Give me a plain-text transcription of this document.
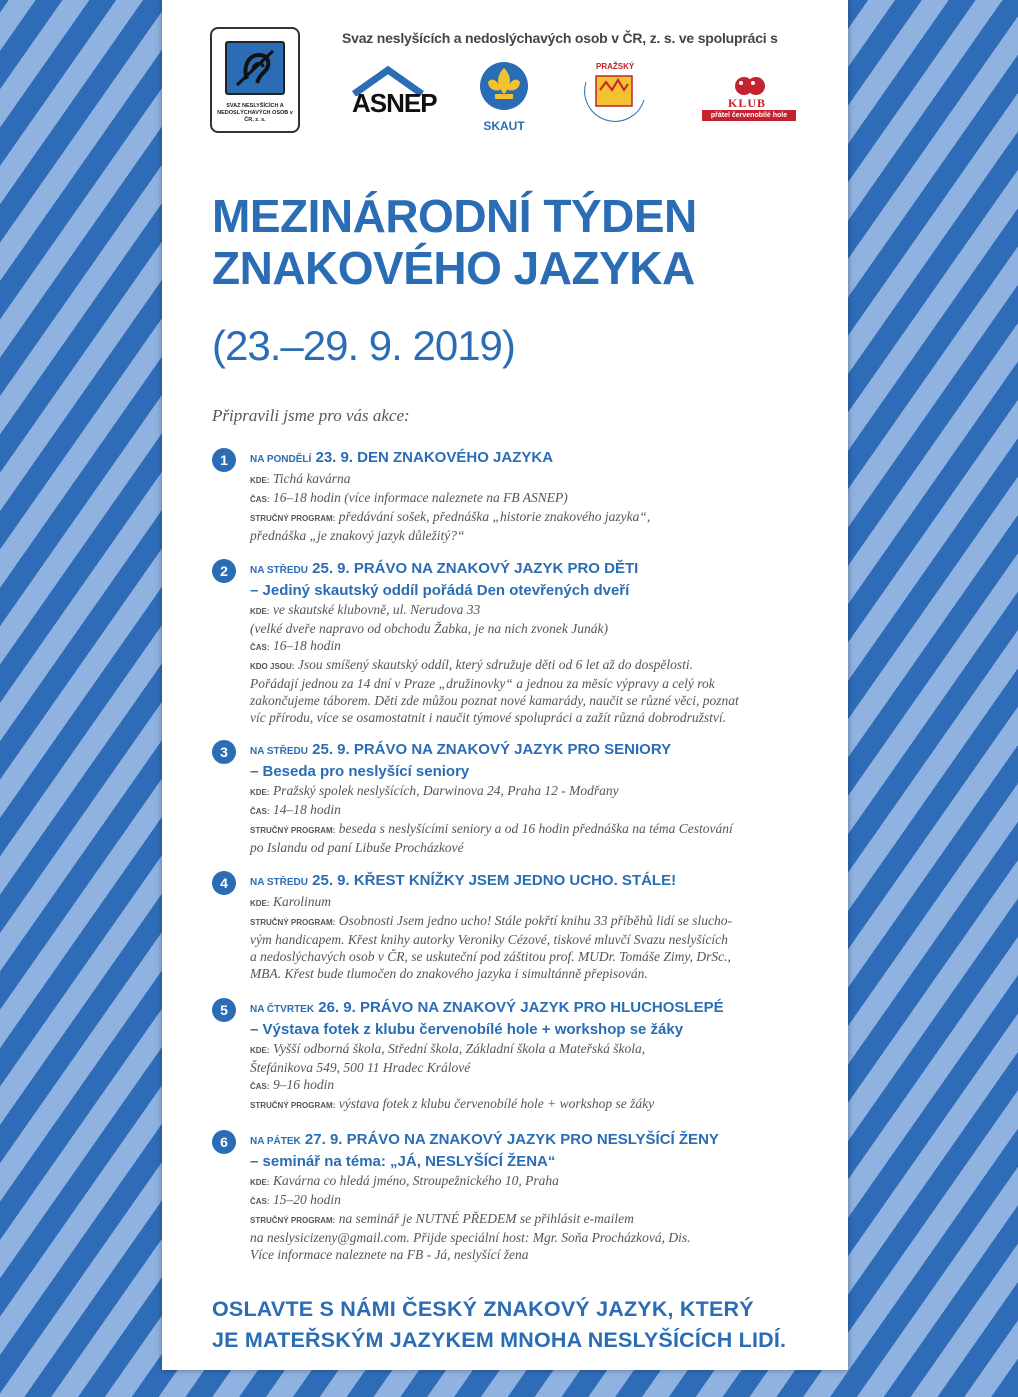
SVAZ NESLYŠÍCÍCH A NEDOSLÝCHAVÝCH OSOB v ČR, z. s.
Svaz neslyšících a nedoslýchavých osob v ČR, z. s. ve spolupráci s
ASNEP
SKAUT
PRAŽSKÝ
KLUB
přátel červenobílé hole
MEZINÁRODNÍ TÝDEN
ZNAKOVÉHO JAZYKA
(23.–29. 9. 2019)
Připravili jsme pro vás akce:
1	NA PONDĚLÍ 23. 9. DEN ZNAKOVÉHO JAZYKA
KDE: Tichá kavárna
ČAS: 16–18 hodin (více informace naleznete na FB ASNEP)
STRUČNÝ PROGRAM: předávání sošek, přednáška „historie znakového jazyka“,
přednáška „je znakový jazyk důležitý?“
2	NA STŘEDU 25. 9. PRÁVO NA ZNAKOVÝ JAZYK PRO DĚTI
– Jediný skautský oddíl pořádá Den otevřených dveří
KDE: ve skautské klubovně, ul. Nerudova 33
(velké dveře napravo od obchodu Žabka, je na nich zvonek Junák)
ČAS: 16–18 hodin
KDO JSOU: Jsou smíšený skautský oddíl, který sdružuje děti od 6 let až do dospělosti.
Pořádají jednou za 14 dní v Praze „družinovky“ a jednou za měsíc výpravy a celý rok
zakončujeme táborem. Děti zde můžou poznat nové kamarády, naučit se různé věci, poznat
víc přírodu, více se osamostatnit i naučit týmové spolupráci a zažít různá dobrodružství.
3	NA STŘEDU 25. 9. PRÁVO NA ZNAKOVÝ JAZYK PRO SENIORY
– Beseda pro neslyšící seniory
KDE: Pražský spolek neslyšících, Darwinova 24, Praha 12 - Modřany
ČAS: 14–18 hodin
STRUČNÝ PROGRAM: beseda s neslyšícími seniory a od 16 hodin přednáška na téma Cestování
po Islandu od paní Libuše Procházkové
4	NA STŘEDU 25. 9. KŘEST KNÍŽKY JSEM JEDNO UCHO. STÁLE!
KDE: Karolinum
STRUČNÝ PROGRAM: Osobnosti Jsem jedno ucho! Stále pokřtí knihu 33 příběhů lidí se slucho-
vým handicapem. Křest knihy autorky Veroniky Cézové, tiskové mluvčí Svazu neslyšících
a nedoslýchavých osob v ČR, se uskuteční pod záštitou prof. MUDr. Tomáše Zimy, DrSc.,
MBA. Křest bude tlumočen do znakového jazyka i simultánně přepisován.
5	NA ČTVRTEK 26. 9. PRÁVO NA ZNAKOVÝ JAZYK PRO HLUCHOSLEPÉ
– Výstava fotek z klubu červenobílé hole + workshop se žáky
KDE: Vyšší odborná škola, Střední škola, Základní škola a Mateřská škola,
Štefánikova 549, 500 11 Hradec Králové
ČAS: 9–16 hodin
STRUČNÝ PROGRAM: výstava fotek z klubu červenobílé hole + workshop se žáky
6	NA PÁTEK 27. 9. PRÁVO NA ZNAKOVÝ JAZYK PRO NESLYŠÍCÍ ŽENY
– seminář na téma: „JÁ, NESLYŠÍCÍ ŽENA“
KDE: Kavárna co hledá jméno, Stroupežnického 10, Praha
ČAS: 15–20 hodin
STRUČNÝ PROGRAM: na seminář je NUTNÉ PŘEDEM se přihlásit e-mailem
na neslysicizeny@gmail.com. Přijde speciální host: Mgr. Soňa Procházková, Dis.
Více informace naleznete na FB - Já, neslyšící žena
OSLAVTE S NÁMI ČESKÝ ZNAKOVÝ JAZYK, KTERÝ
JE MATEŘSKÝM JAZYKEM MNOHA NESLYŠÍCÍCH LIDÍ.
